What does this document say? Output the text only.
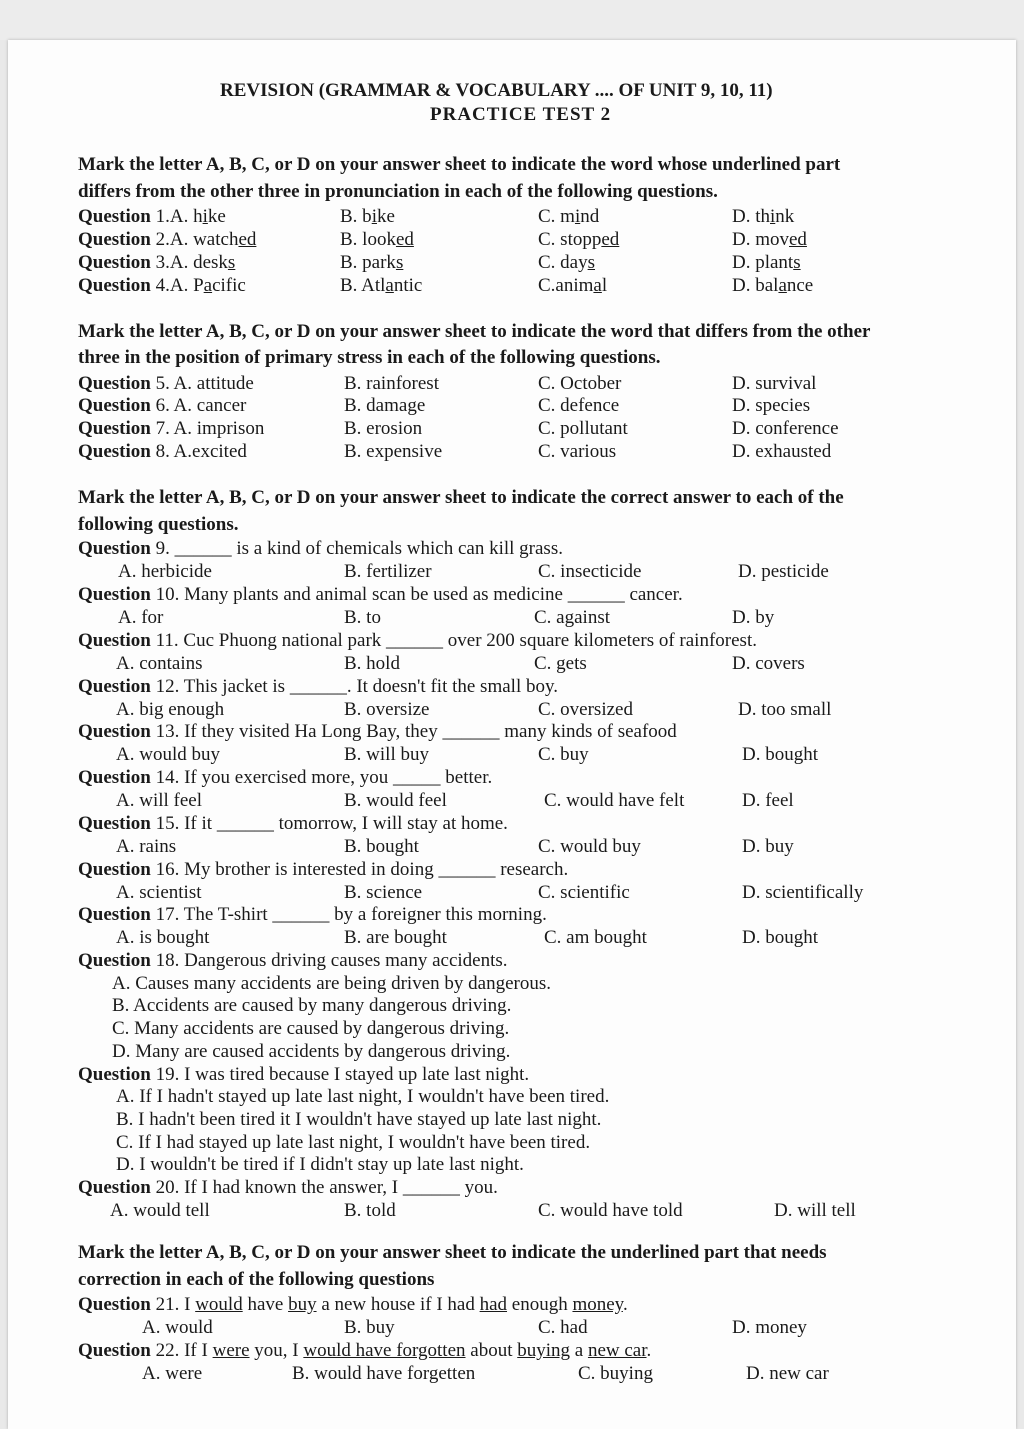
REVISION (GRAMMAR & VOCABULARY .... OF UNIT 9, 10, 11)
PRACTICE TEST 2
Mark the letter A, B, C, or D on your answer sheet to indicate the word whose underlined part
differs from the other three in pronunciation in each of the following questions.
Question 1.A. hike	B. bike	C. mind	D. think
Question 2.A. watched	B. looked	C. stopped	D. moved
Question 3.A. desks	B. parks	C. days	D. plants
Question 4.A. Pacific	B. Atlantic	C.animal	D. balance
Mark the letter A, B, C, or D on your answer sheet to indicate the word that differs from the other
three in the position of primary stress in each of the following questions.
Question 5. A. attitude	B. rainforest	C. October	D. survival
Question 6. A. cancer	B. damage	C. defence	D. species
Question 7. A. imprison	B. erosion	C. pollutant	D. conference
Question 8. A.excited	B. expensive	C. various	D. exhausted
Mark the letter A, B, C, or D on your answer sheet to indicate the correct answer to each of the
following questions.
Question 9. ______ is a kind of chemicals which can kill grass.
A. herbicide	B. fertilizer	C. insecticide	D. pesticide
Question 10. Many plants and animal scan be used as medicine ______ cancer.
A. for	B. to	C. against	D. by
Question 11. Cuc Phuong national park ______ over 200 square kilometers of rainforest.
A. contains	B. hold	C. gets	D. covers
Question 12. This jacket is ______. It doesn't fit the small boy.
A. big enough	B. oversize	C. oversized	D. too small
Question 13. If they visited Ha Long Bay, they ______ many kinds of seafood
A. would buy	B. will buy	C. buy	D. bought
Question 14. If you exercised more, you _____ better.
A. will feel	B. would feel	C. would have felt	D. feel
Question 15. If it ______ tomorrow, I will stay at home.
A. rains	B. bought	C. would buy	D. buy
Question 16. My brother is interested in doing ______ research.
A. scientist	B. science	C. scientific	D. scientifically
Question 17. The T-shirt ______ by a foreigner this morning.
A. is bought	B. are bought	C. am bought	D. bought
Question 18. Dangerous driving causes many accidents.
A. Causes many accidents are being driven by dangerous.
B. Accidents are caused by many dangerous driving.
C. Many accidents are caused by dangerous driving.
D. Many are caused accidents by dangerous driving.
Question 19. I was tired because I stayed up late last night.
A. If I hadn't stayed up late last night, I wouldn't have been tired.
B. I hadn't been tired it I wouldn't have stayed up late last night.
C. If I had stayed up late last night, I wouldn't have been tired.
D. I wouldn't be tired if I didn't stay up late last night.
Question 20. If I had known the answer, I ______ you.
A. would tell	B. told	C. would have told	D. will tell
Mark the letter A, B, C, or D on your answer sheet to indicate the underlined part that needs
correction in each of the following questions
Question 21. I would have buy a new house if I had had enough money.
A. would	B. buy	C. had	D. money
Question 22. If I were you, I would have forgotten about buying a new car.
A. were	B. would have forgetten	C. buying	D. new car
